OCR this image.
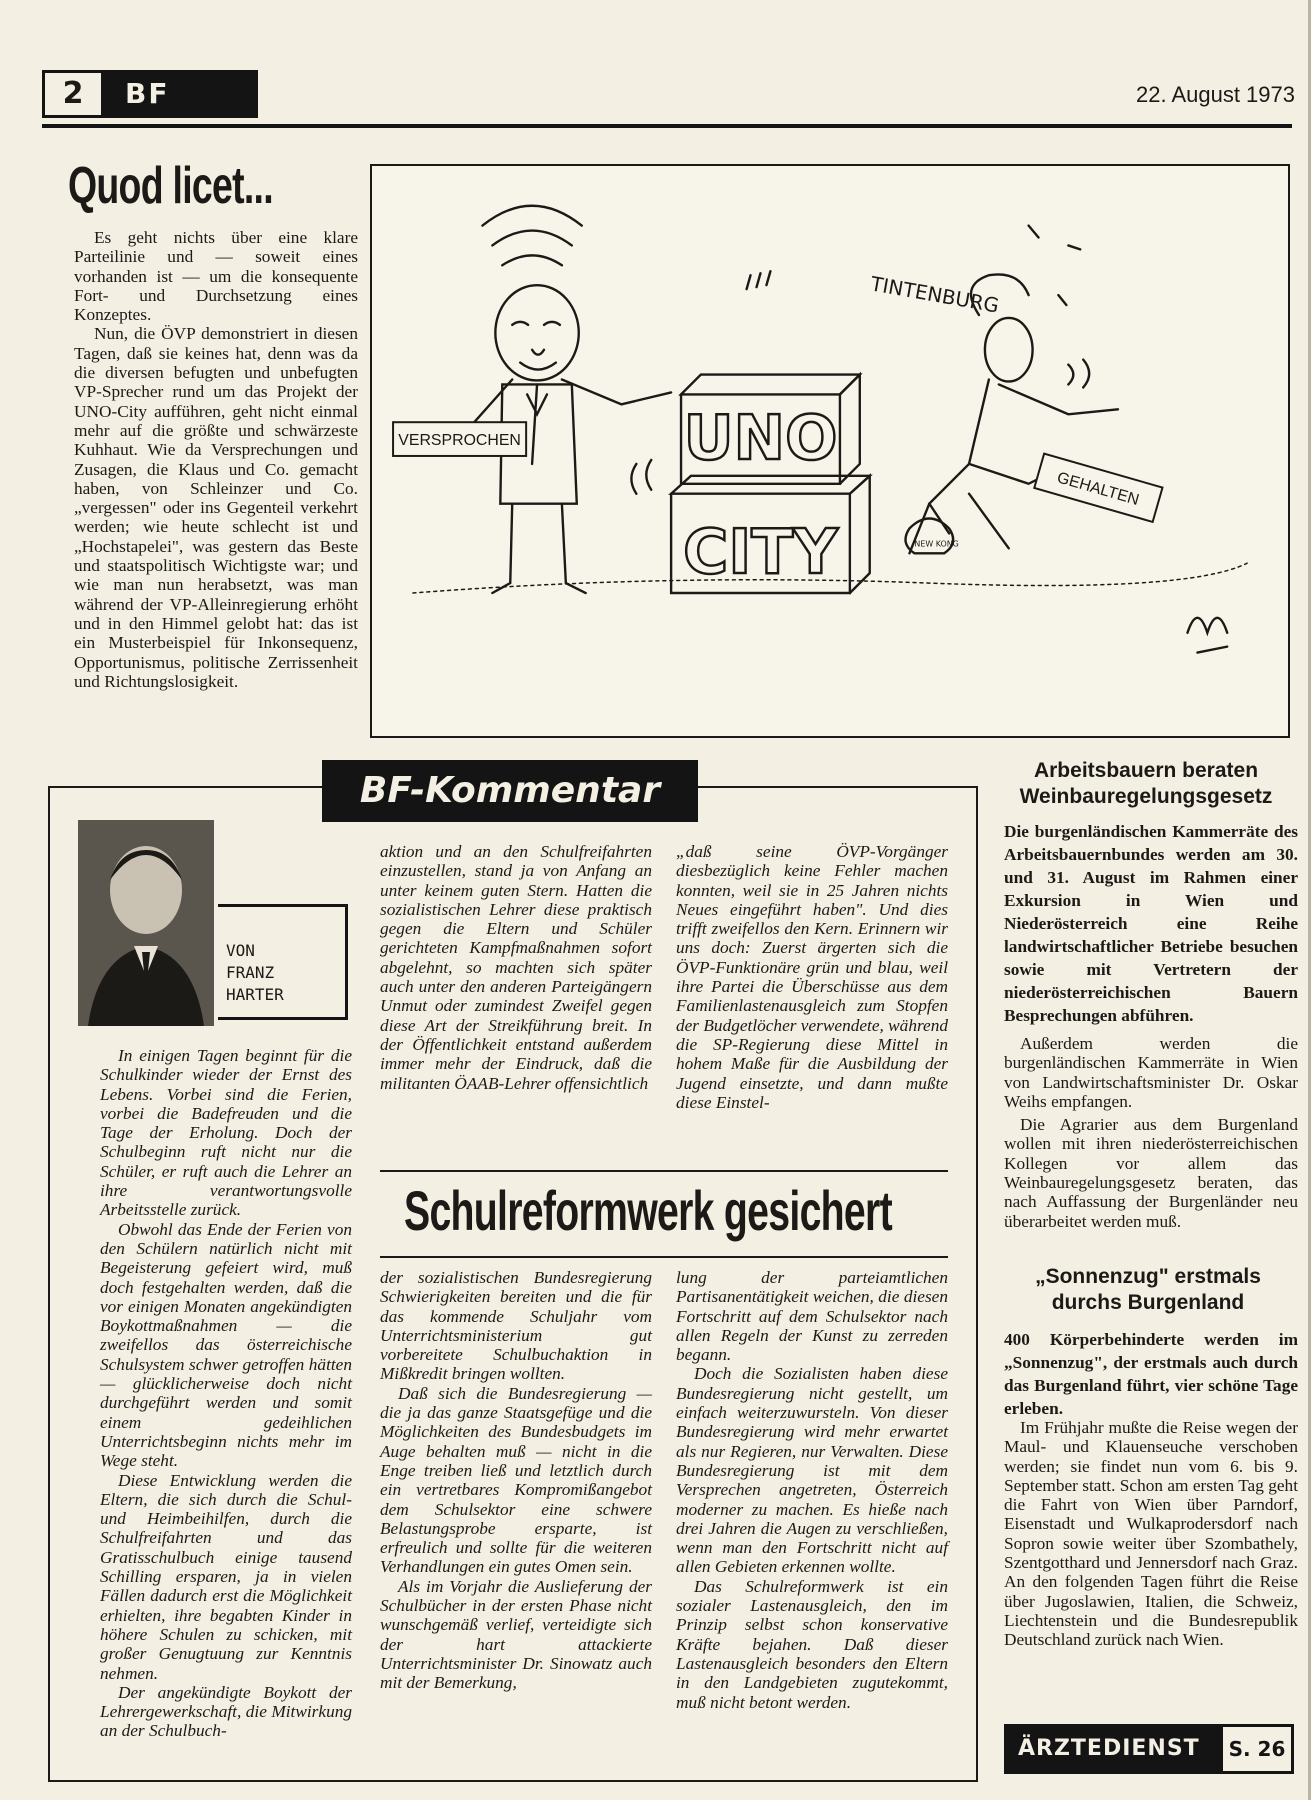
2	BF	22. August 1973
Quod licet...

Es geht nichts über eine klare Parteilinie und — soweit eines vorhanden ist — um die konsequente Fort- und Durchsetzung eines Konzeptes.

Nun, die ÖVP demonstriert in diesen Tagen, daß sie keines hat, denn was da die diversen befugten und unbefugten VP-Sprecher rund um das Projekt der UNO-City aufführen, geht nicht einmal mehr auf die größte und schwärzeste Kuhhaut. Wie da Versprechungen und Zusagen, die Klaus und Co. gemacht haben, von Schleinzer und Co. „vergessen" oder ins Gegenteil verkehrt werden; wie heute schlecht ist und „Hochstapelei", was gestern das Beste und staatspolitisch Wichtigste war; und wie man nun herabsetzt, was man während der VP-Alleinregierung erhöht und in den Himmel gelobt hat: das ist ein Musterbeispiel für Inkonsequenz, Opportunismus, politische Zerrissenheit und Richtungslosigkeit.

VERSPROCHEN
GEHALTEN
UNO
CITY
TINTENBURG
NEW KONG
BF-Kommentar
VON
FRANZ
HARTER

In einigen Tagen beginnt für die Schulkinder wieder der Ernst des Lebens. Vorbei sind die Ferien, vorbei die Badefreuden und die Tage der Erholung. Doch der Schulbeginn ruft nicht nur die Schüler, er ruft auch die Lehrer an ihre verantwortungsvolle Arbeitsstelle zurück.

Obwohl das Ende der Ferien von den Schülern natürlich nicht mit Begeisterung gefeiert wird, muß doch festgehalten werden, daß die vor einigen Monaten angekündigten Boykottmaßnahmen — die zweifellos das österreichische Schulsystem schwer getroffen hätten — glücklicherweise doch nicht durchgeführt werden und somit einem gedeihlichen Unterrichtsbeginn nichts mehr im Wege steht.

Diese Entwicklung werden die Eltern, die sich durch die Schul- und Heimbeihilfen, durch die Schulfreifahrten und das Gratisschulbuch einige tausend Schilling ersparen, ja in vielen Fällen dadurch erst die Möglichkeit erhielten, ihre begabten Kinder in höhere Schulen zu schicken, mit großer Genugtuung zur Kenntnis nehmen.

Der angekündigte Boykott der Lehrergewerkschaft, die Mitwirkung an der Schulbuch-

aktion und an den Schulfreifahrten einzustellen, stand ja von Anfang an unter keinem guten Stern. Hatten die sozialistischen Lehrer diese praktisch gegen die Eltern und Schüler gerichteten Kampfmaßnahmen sofort abgelehnt, so machten sich später auch unter den anderen Parteigängern Unmut oder zumindest Zweifel gegen diese Art der Streikführung breit. In der Öffentlichkeit entstand außerdem immer mehr der Eindruck, daß die militanten ÖAAB-Lehrer offensichtlich

„daß seine ÖVP-Vorgänger diesbezüglich keine Fehler machen konnten, weil sie in 25 Jahren nichts Neues eingeführt haben". Und dies trifft zweifellos den Kern. Erinnern wir uns doch: Zuerst ärgerten sich die ÖVP-Funktionäre grün und blau, weil ihre Partei die Überschüsse aus dem Familienlastenausgleich zum Stopfen der Budgetlöcher verwendete, während die SP-Regierung diese Mittel in hohem Maße für die Ausbildung der Jugend einsetzte, und dann mußte diese Einstel-

Schulreformwerk gesichert

der sozialistischen Bundesregierung Schwierigkeiten bereiten und die für das kommende Schuljahr vom Unterrichtsministerium gut vorbereitete Schulbuchaktion in Mißkredit bringen wollten.

Daß sich die Bundesregierung — die ja das ganze Staatsgefüge und die Möglichkeiten des Bundesbudgets im Auge behalten muß — nicht in die Enge treiben ließ und letztlich durch ein vertretbares Kompromißangebot dem Schulsektor eine schwere Belastungsprobe ersparte, ist erfreulich und sollte für die weiteren Verhandlungen ein gutes Omen sein.

Als im Vorjahr die Auslieferung der Schulbücher in der ersten Phase nicht wunschgemäß verlief, verteidigte sich der hart attackierte Unterrichtsminister Dr. Sinowatz auch mit der Bemerkung,

lung der parteiamtlichen Partisanentätigkeit weichen, die diesen Fortschritt auf dem Schulsektor nach allen Regeln der Kunst zu zerreden begann.

Doch die Sozialisten haben diese Bundesregierung nicht gestellt, um einfach weiterzuwursteln. Von dieser Bundesregierung wird mehr erwartet als nur Regieren, nur Verwalten. Diese Bundesregierung ist mit dem Versprechen angetreten, Österreich moderner zu machen. Es hieße nach drei Jahren die Augen zu verschließen, wenn man den Fortschritt nicht auf allen Gebieten erkennen wollte.

Das Schulreformwerk ist ein sozialer Lastenausgleich, den im Prinzip selbst schon konservative Kräfte bejahen. Daß dieser Lastenausgleich besonders den Eltern in den Landgebieten zugutekommt, muß nicht betont werden.

Arbeitsbauern beraten
Weinbauregelungsgesetz
Die burgenländischen Kammerräte des Arbeitsbauernbundes werden am 30. und 31. August im Rahmen einer Exkursion in Wien und Niederösterreich eine Reihe landwirtschaftlicher Betriebe besuchen sowie mit Vertretern der niederösterreichischen Bauern Besprechungen abführen.

Außerdem werden die burgenländischen Kammerräte in Wien von Landwirtschaftsminister Dr. Oskar Weihs empfangen.

Die Agrarier aus dem Burgenland wollen mit ihren niederösterreichischen Kollegen vor allem das Weinbauregelungsgesetz beraten, das nach Auffassung der Burgenländer neu überarbeitet werden muß.

„Sonnenzug" erstmals
durchs Burgenland
400 Körperbehinderte werden im „Sonnenzug", der erstmals auch durch das Burgenland führt, vier schöne Tage erleben.

Im Frühjahr mußte die Reise wegen der Maul- und Klauenseuche verschoben werden; sie findet nun vom 6. bis 9. September statt. Schon am ersten Tag geht die Fahrt von Wien über Parndorf, Eisenstadt und Wulkaprodersdorf nach Sopron sowie weiter über Szombathely, Szentgotthard und Jennersdorf nach Graz. An den folgenden Tagen führt die Reise über Jugoslawien, Italien, die Schweiz, Liechtenstein und die Bundesrepublik Deutschland zurück nach Wien.

ÄRZTEDIENST	S. 26
